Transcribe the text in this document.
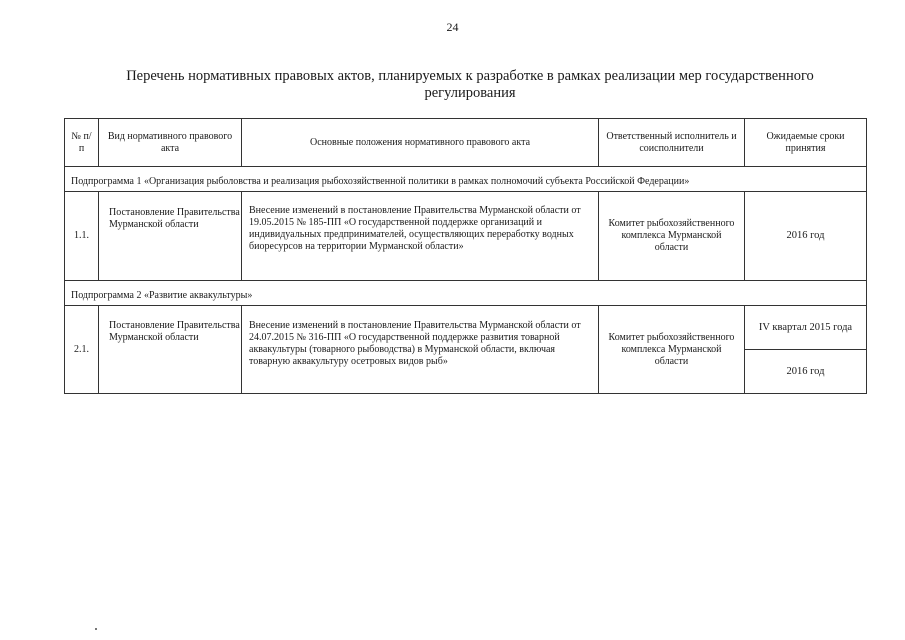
24
Перечень нормативных правовых актов, планируемых к разработке в рамках реализации мер государственного регулирования
№ п/п
Вид нормативного правового акта
Основные положения нормативного правового акта
Ответственный исполнитель и соисполнители
Ожидаемые сроки принятия
Подпрограмма 1 «Организация рыболовства и реализация рыбохозяйственной политики в рамках полномочий субъекта Российской Федерации»
1.1.
Постановление Правительства Мурманской области
Внесение изменений в постановление Правительства Мурманской области от 19.05.2015 № 185-ПП «О государственной поддержке организаций и индивидуальных предпринимателей, осуществляющих переработку водных биоресурсов на территории Мурманской области»
Комитет рыбохозяйственного комплекса Мурманской области
2016 год
Подпрограмма 2 «Развитие аквакультуры»
2.1.
Постановление Правительства Мурманской области
Внесение изменений в постановление Правительства Мурманской области от 24.07.2015 № 316-ПП «О государственной поддержке развития товарной аквакультуры (товарного рыбоводства) в Мурманской области, включая товарную аквакультуру осетровых видов рыб»
Комитет рыбохозяйственного комплекса Мурманской области
IV квартал 2015 года
2016 год
